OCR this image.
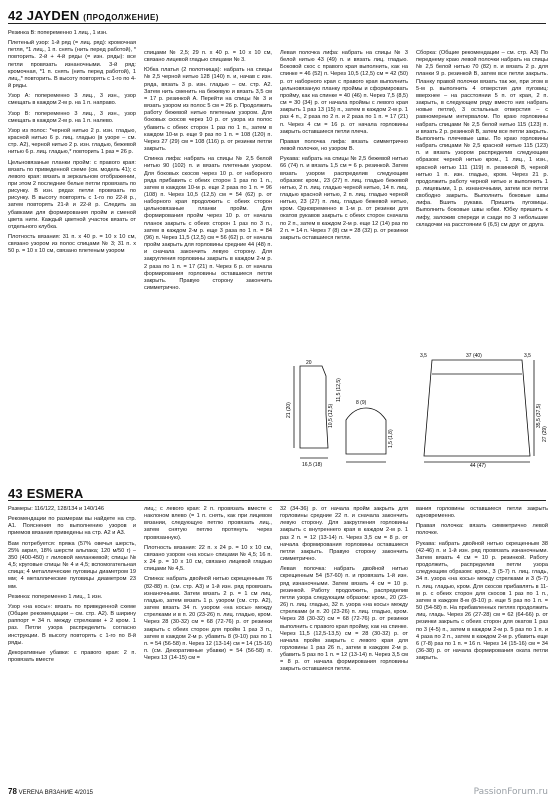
42 JAYDEN (ПРОДОЛЖЕНИЕ)

Резинка В: попеременно 1 лиц., 1 изн.

Плетеный узор: 1-й ряд (= лиц. ряд): кромочная петля, *1 лиц., 1 п. снять (нить перед работой), * повторить. 2-й + 4-й ряды (= изн. ряды): все петли провязать изнаночными. 3-й ряд: кромочная, *1 п. снять (нить перед работой), 1 лиц.,* повторить. В высоту повторять с 1-го по 4-й ряды.

Узор А: попеременно 3 лиц., 3 изн., узор смещать в каждом 2-м р. на 1 п. направо.

Узор В: попеременно 3 лиц., 3 изн., узор смещать в каждом 2-м р. на 1 п. налево.

Узор из полос: *черной нитью 2 р. изн. гладью, красной нитью 6 р. лиц. гладью (в узоре – см. стр. А2), черной нитью 2 р. изн. гладью, бежевой нитью 6 р. лиц. гладью,* повторить 1 раз = 26 р.

Цельновязаные планки пройм: с правого края: вязать по приведенной схеме (см. модель 41); с левого края: вязать в зеркальном отображении, при этом 2 последние белые петли провязать по рисунку. В изн. рядах петли провязать по рисунку. В высоту повторять с 1-го по 22-й р., затем повторять 21-й и 22-й р. Следить за убавками для формирования пройм и сменой цвета нити. Каждый цветной участок вязать от отдельного клубка.

Плотность вязания: 31 п. х 40 р. = 10 х 10 см, связано узором из полос спицами № 3; 31 п. х 50 р. = 10 х 10 см, связано плетеным узором

спицами № 2,5; 29 п. х 40 р. = 10 х 10 см, связано лицевой гладью спицами № 3.

Юбка платья (2 полотнища): набрать на спицы № 2,5 черной нитью 128 (140) п. и, начав с изн. ряда, вязать 3 р. изн. гладью – см. стр. А2. Затем нить сменить на бежевую и вязать 3,5 см = 17 р. резинкой А. Перейти на спицы № 3 и вязать узором из полос 5 см = 26 р. Продолжить работу бежевой нитью плетеным узором. Для боковых скосов через 10 р. от узора из полос убавить с обеих сторон 1 раз по 1 п., затем в каждом 10-м р. еще 9 раз по 1 п. = 108 (120) п. Через 27 (29) см = 108 (116) р. от резинки петли закрыть.

Спинка лифа: набрать на спицы № 2,5 белой нитью 90 (102) п. и вязать плетеным узором. Для боковых скосов через 10 р. от наборного ряда прибавить с обеих сторон 1 раз по 1 п., затем в каждом 10-м р. еще 2 раза по 1 п. = 96 (108) п. Через 10,5 (12,5) см = 54 (62) р. от наборного края продолжить с обеих сторон цельновязаные планки пройм. Для формирования пройм через 10 р. от начала планок закрыть с обеих сторон 1 раз по 3 п., затем в каждом 2-м р. еще 3 раза по 1 п. = 84 (96) п. Через 11,5 (12,5) см = 56 (62) р. от начала пройм закрыть для горловины средние 44 (48) п. и сначала закончить левую сторону. Для закругления горловины закрыть в каждом 2-м р. 2 раза по 1 п. = 17 (21) п. Через 6 р. от начала формирования горловины оставшиеся петли закрыть. Правую сторону закончить симметрично.

Левая полочка лифа: набрать на спицы № 3 белой нитью 43 (49) п. и вязать лиц. гладью. Боковой скос с правого края выполнить, как на спинке = 46 (52) п. Через 10,5 (12,5) см = 42 (50) р. от наборного края с правого края выполнить цельновязаную планку проймы и сформировать пройму, как на спинке = 40 (46) п. Через 7,5 (8,5) см = 30 (34) р. от начала проймы с левого края закрыть 1 раз 13 (15) п., затем в каждом 2-м р. 1 раз 4 п., 2 раза по 2 п. и 2 раза по 1 п. = 17 (21) п. Через 4 см = 16 р. от начала горловины закрыть оставшиеся петли плеча.

Правая полочка лифа: вязать симметрично левой полочке, но узором В.

Рукава: набрать на спицы № 2,5 бежевой нитью 66 (74) п. и вязать 1,5 см = 6 р. резинкой. Затем вязать узором распределив следующим образом: кром., 23 (27) п. лиц. гладью бежевой нитью, 2 п. лиц. гладью черной нитью, 14 п. лиц. гладью красной нитью, 2 п. лиц. гладью черной нитью, 23 (27) п. лиц. гладью бежевой нитью, кром. Одновременно в 1-м р. от резинки для окатов рукавов закрыть с обеих сторон сначала по 2 п., затем в каждом 2-м р. еще 12 (14) раз по 2 п. = 14 п. Через 7 (8) см = 28 (32) р. от резинки закрыть оставшиеся петли.

Сборка: (Общие рекомендации – см. стр. А3) По переднему краю левой полочки набрать на спицы № 2,5 белой нитью 70 (82) п. и вязать 2 р. для планки 9 р. резинкой В, затем все петли закрыть. Планку правой полочки вязать так же, при этом в 5-м р. выполнить 4 отверстия для пуговиц: вверхнее – на расстоянии 5 п. от края, 2 п. закрыть, в следующем ряду вместо них набрать новые петли), 3 остальных отверстия – с равномерным интервалом. По краю горловины набрать спицами № 2,5 белой нитью 115 (123) п. и вязать 2 р. резинкой В, затем все петли закрыть. Выполнить плечевые швы. По краю горловины набрать спицами № 2,5 красной нитью 115 (123) п. и вязать узором распределив следующим образом: черной нитью кром., 1 лиц., 1 изн., красной нитью 111 (119) п. резинкой В, черной нитью 1 п. изн. гладью, кром. Через 21 р. продолжить работу черной нитью и выполнить 1 р. лицевыми, 1 р. изнаночными, затем все петли свободно закрыть. Выполнить боковые швы лифа. Вшить рукава. Пришить пуговицы. Выполнить боковые швы юбки. Юбку пришить к лифу, заложив спереди и сзади по 3 небольшие складочки на расстоянии 6 (6,5) см друг от друга.

20
21 (20)	10,5 (12,5)
11,5 (12,5)
16,5 (18)
8 (9)
1,5 (1,8)
3,5	37 (40)	3,5
35,5 (37,5)
27 (29)
44 (47)
43 ESMERA

Размеры: 116/122, 128/134 и 140/146

Рекомендации по размерам вы найдете на стр. А1. Пояснения по выполнению узоров и приемов вязания приведены на стр. А2 и А3.

Вам потребуется: пряжа (57% овечья шерсть, 25% акрил, 18% шерсти альпака; 120 м/50 г) – 350 (400-450) г лиловой меланжевой; спицы № 4,5; круговые спицы № 4 и 4,5; вспомогательная спица; 4 металлические пуговицы диаметром 19 мм; 4 металлические пуговицы диаметром 23 мм.

Резинка: попеременно 1 лиц., 1 изн.

Узор «на косы»: вязать по приведенной схеме (Общие рекомендации – см. стр. А2). В ширину раппорт = 34 п. между стрелками + 2 кром. 1 раз. Петли узора распределить согласно инструкции. В высоту повторять с 1-го по 8-й ряды.

Декоративные убавки: с правого края: 2 п. провязать вместе

лиц.; с левого края: 2 п. провязать вместе с наклоном влево (= 1 п. снять, как при лицевом вязании, следующую петлю провязать лиц., затем снятую петлю протянуть через провязанную).

Плотность вязания: 22 п. х 24 р. = 10 х 10 см, связано узором «на косы» спицами № 4,5; 16 п. х 24 р. = 10 х 10 см, связано лицевой гладью спицами № 4,5.

Спинка: набрать двойной нитью скрещенным 76 (82-88) п. (см. стр. А3) и 1-й изн. ряд провязать изнаночными. Затем вязать 2 р. = 1 см лиц. гладью, затем вязать 1 р. узором (см. стр. А2), затем вязать 34 п. узором «на косы» между стрелками и в п. 20 (23-26) п. лиц. гладью, кром. Через 28 (30-32) см = 68 (72-76) р. от резинки закрыть с обеих сторон для пройм 1 раз 3 п., затем в каждом 2-м р. убавить 8 (9-10) раз по 1 п. = 54 (56-58) п. Через 12 (13-14) см = 14 (15-16) п. (см. Декоративные убавки) = 54 (56-58) п. Через 13 (14-15) см =

32 (34-36) р. от начала пройм закрыть для горловины средние 22 п. и сначала закончить левую сторону. Для закругления горловины закрыть с внутреннего края в каждом 2-м р. 1 раз 2 п. = 12 (13-14) п. Через 3,5 см = 8 р. от начала формирования горловины оставшиеся петли закрыть. Правую сторону закончить симметрично.

Левая полочка: набрать двойной нитью скрещенным 54 (57-60) п. и провязать 1-й изн. ряд изнаночными. Затем вязать 4 см = 10 р. резинкой. Работу продолжить, распределив петли узора следующим образом: кром., 20 (23-26) п. лиц. гладью, 32 п. узора «на косы» между стрелками (и п. 20 (23-26) п. лиц. гладью, кром. Через 28 (30-32) см = 68 (72-76) р. от резинки выполнить с правого края пройму, как на спинке. Через 11,5 (12,5-13,5) см = 28 (30-32) р. от начала пройм закрыть с левого края для горловины 1 раз 26 п., затем в каждом 2-м р. убавить 5 раз по 1 п. = 12 (13-14) п. Через 3,5 см = 8 р. от начала формирования горловины закрыть оставшиеся петли.

вания горловины оставшиеся петли закрыть одновременно.

Правая полочка: вязать симметрично левой полочке.

Рукава: набрать двойной нитью скрещенным 38 (42-46) п. и 1-й изн. ряд провязать изнаночными. Затем вязать 4 см = 10 р. резинкой. Работу продолжить, распределив петли узора следующим образом: кром., 3 (5-7) п. лиц. гладь, 34 п. узора «на косы» между стрелками и 3 (5-7) п. лиц. гладью, кром. Для скосов прибавлять в 11-м р. с обеих сторон для скосов 1 раз по 1 п., затем в каждом 8-м (8-10) р. еще 5 раз по 1 п. = 50 (54-58) п. На прибавленных петлях продолжить лиц. гладь. Через 26 (27-28) см = 62 (64-66) р. от резинки закрыть с обеих сторон для окатов 1 раз по 3 (4-5) п., затем в каждом 2-м р. 5 раз по 1 п. и 4 раза по 2 п., затем в каждом 2-м р. убавить еще 6 (7-8) раз по 1 п. = 16 п. Через 14 (15-16) см = 34 (36-38) р. от начала формирования оката петли закрыть.

78 VERENA ВЯЗАНИЕ 4/2015	PassionForum.ru
